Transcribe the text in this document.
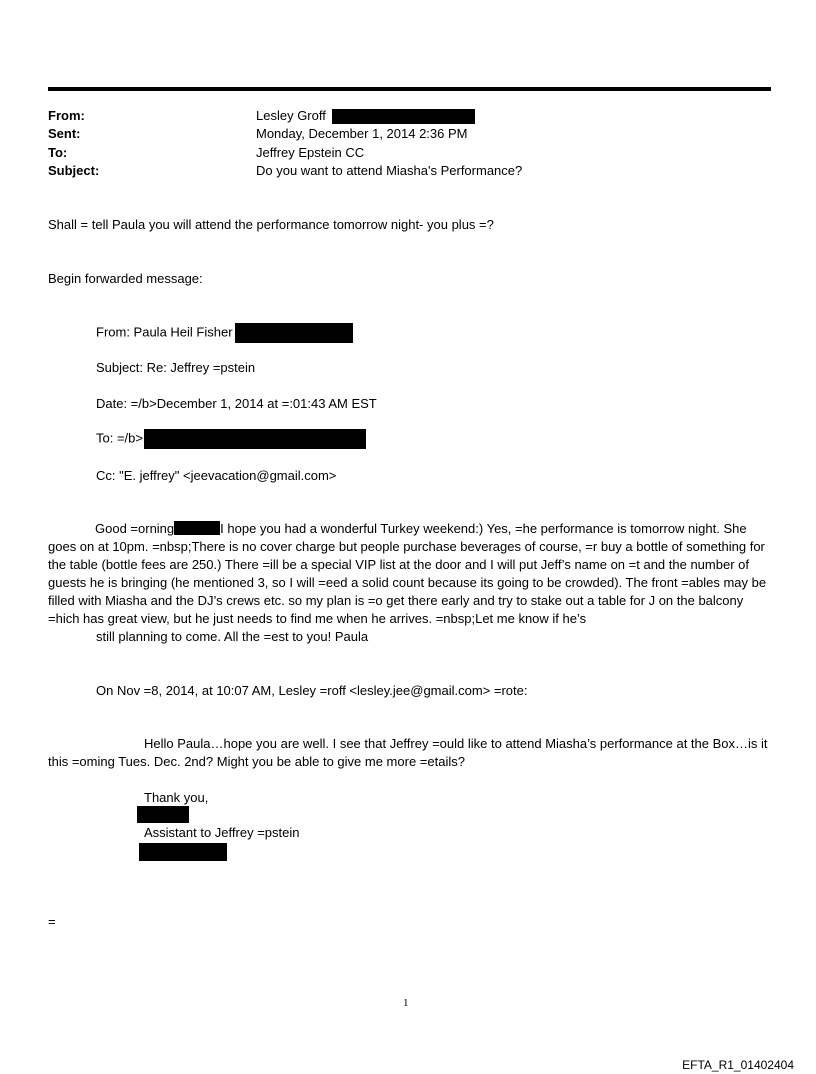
From:	Lesley Groff
Sent:	Monday, December 1, 2014 2:36 PM
To:	Jeffrey Epstein CC
Subject:	Do you want to attend Miasha's Performance?
Shall = tell Paula you will attend the performance tomorrow night- you plus =?
Begin forwarded message:
From: Paula Heil Fisher
Subject: Re: Jeffrey =pstein
Date: =/b>December 1, 2014 at =:01:43 AM EST
To: =/b>
Cc: "E. jeffrey" <jeevacation@gmail.com>
Good =orning	I hope you had a wonderful Turkey weekend:) Yes, =he performance is tomorrow night. She goes on at 10pm. =nbsp;There is no cover charge but people purchase beverages of course, =r buy a bottle of something for the table (bottle fees are 250.) There =ill be a special VIP list at the door and I will put Jeff’s name on =t and the number of guests he is bringing (he mentioned 3, so I will =eed a solid count because its going to be crowded). The front =ables may be filled with Miasha and the DJ’s crews etc. so my plan is =o get there early and try to stake out a table for J on the balcony =hich has great view, but he just needs to find me when he arrives. =nbsp;Let me know if he’s
still planning to come. All the =est to you! Paula
On Nov =8, 2014, at 10:07 AM, Lesley =roff <lesley.jee@gmail.com> =rote:
Hello Paula…hope you are well. I see that Jeffrey =ould like to attend Miasha’s performance at the Box…is it this =oming Tues. Dec. 2nd? Might you be able to give me more =etails?
Thank you,
Assistant to Jeffrey =pstein
=
1
EFTA_R1_01402404
